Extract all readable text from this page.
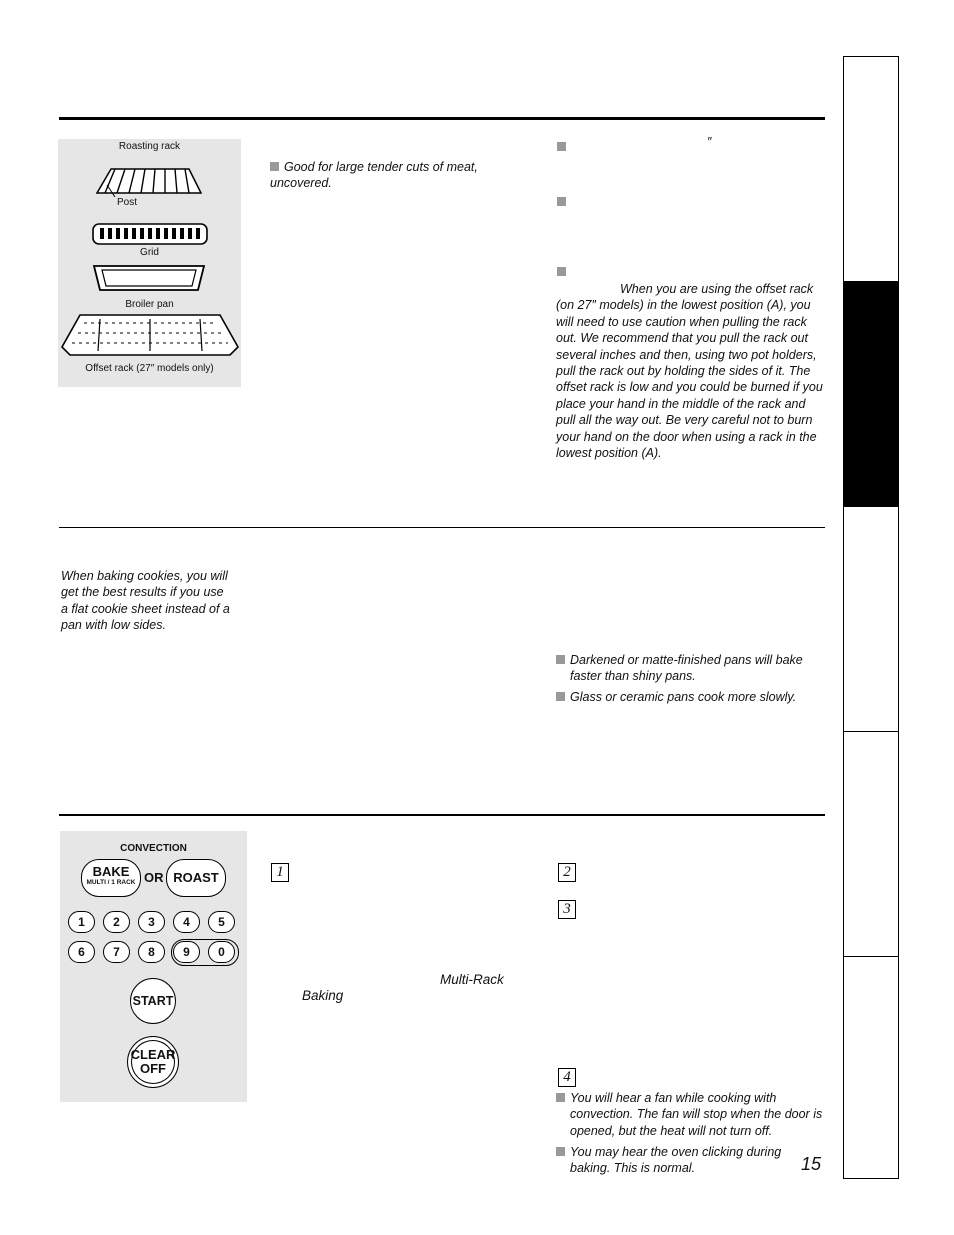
Roasting rack
Post
Grid
Broiler pan
Offset rack (27″ models only)
Good for large tender cuts of meat, uncovered.
″
When you are using the offset rack (on 27″ models) in the lowest position (A), you will need to use caution when pulling the rack out. We recommend that you pull the rack out several inches and then, using two pot holders, pull the rack out by holding the sides of it. The offset rack is low and you could be burned if you place your hand in the middle of the rack and pull all the way out. Be very careful not to burn your hand on the door when using a rack in the lowest position (A).
When baking cookies, you will get the best results if you use a flat cookie sheet instead of a pan with low sides.
Darkened or matte-finished pans will bake faster than shiny pans.
Glass or ceramic pans cook more slowly.
CONVECTION
BAKE
MULTI / 1 RACK OR ROAST
1	2	3	4	5
6	7	8	9	0
START
CLEAR
OFF
1	2
3
4
Multi-Rack
Baking
You will hear a fan while cooking with convection. The fan will stop when the door is opened, but the heat will not turn off.
You may hear the oven clicking during baking. This is normal.	15
